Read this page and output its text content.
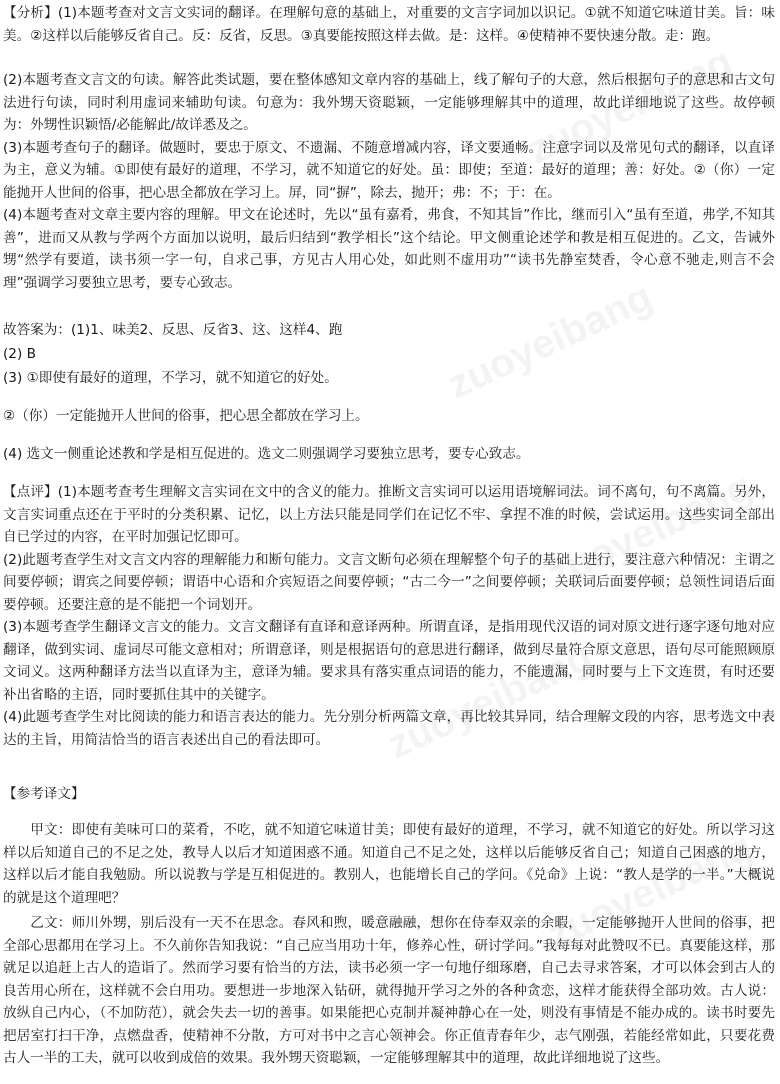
【分析】(1)本题考查对文言文实词的翻译。在理解句意的基础上，对重要的文言字词加以识记。①就不知道它味道甘美。旨：味美。②这样以后能够反省自己。反：反省，反思。③真要能按照这样去做。是：这样。④使精神不要快速分散。走：跑。

(2)本题考查文言文的句读。解答此类试题，要在整体感知文章内容的基础上，线了解句子的大意，然后根据句子的意思和古文句法进行句读，同时利用虚词来辅助句读。句意为：我外甥天资聪颖，一定能够理解其中的道理，故此详细地说了这些。故停顿为：外甥性识颖悟/必能解此/故详悉及之。

(3)本题考查句子的翻译。做题时，要忠于原文、不遗漏、不随意增减内容，译文要通畅。注意字词以及常见句式的翻译，以直译为主，意义为辅。①即使有最好的道理，不学习，就不知道它的好处。虽：即使；至道：最好的道理；善：好处。②（你）一定能抛开人世间的俗事，把心思全都放在学习上。屏，同“摒”，除去，抛开；弗：不；于：在。

(4)本题考查对文章主要内容的理解。甲文在论述时，先以“虽有嘉肴，弗食，不知其旨”作比，继而引入“虽有至道，弗学,不知其善”，进而又从教与学两个方面加以说明，最后归结到“教学相长”这个结论。甲文侧重论述学和教是相互促进的。乙文，告诫外甥“然学有要道，读书须一字一句，自求己事，方见古人用心处，如此则不虚用功”“读书先静室焚香，令心意不驰走,则言不会理”强调学习要独立思考，要专心致志。

故答案为：(1)1、味美2、反思、反省3、这、这样4、跑

(2) B

(3) ①即使有最好的道理，不学习，就不知道它的好处。

②（你）一定能抛开人世间的俗事，把心思全都放在学习上。

(4) 选文一侧重论述教和学是相互促进的。选文二则强调学习要独立思考，要专心致志。

【点评】(1)本题考查考生理解文言实词在文中的含义的能力。推断文言实词可以运用语境解词法。词不离句，句不离篇。另外，文言实词重点还在于平时的分类积累、记忆，以上方法只能是同学们在记忆不牢、拿捏不准的时候，尝试运用。这些实词全部出自已学过的内容，在平时加强记忆即可。

(2)此题考查学生对文言文内容的理解能力和断句能力。文言文断句必须在理解整个句子的基础上进行，要注意六种情况：主谓之间要停顿；谓宾之间要停顿；谓语中心语和介宾短语之间要停顿；“古二今一”之间要停顿；关联词后面要停顿；总领性词语后面要停顿。还要注意的是不能把一个词划开。

(3)本题考查学生翻译文言文的能力。文言文翻译有直译和意译两种。所谓直译，是指用现代汉语的词对原文进行逐字逐句地对应翻译，做到实词、虚词尽可能文意相对；所谓意译，则是根据语句的意思进行翻译，做到尽量符合原文意思，语句尽可能照顾原文词义。这两种翻译方法当以直译为主，意译为辅。要求具有落实重点词语的能力，不能遗漏，同时要与上下文连贯，有时还要补出省略的主语，同时要抓住其中的关键字。

(4)此题考查学生对比阅读的能力和语言表达的能力。先分别分析两篇文章，再比较其异同，结合理解文段的内容，思考选文中表达的主旨，用简洁恰当的语言表述出自己的看法即可。

【参考译文】

甲文：即使有美味可口的菜肴，不吃，就不知道它味道甘美；即使有最好的道理，不学习，就不知道它的好处。所以学习这样以后知道自己的不足之处，教导人以后才知道困惑不通。知道自己不足之处，这样以后能够反省自己；知道自己困惑的地方，这样以后才能自我勉励。所以说教与学是互相促进的。教别人，也能增长自己的学问。《兑命》上说：“教人是学的一半。”大概说的就是这个道理吧？

乙文：师川外甥，别后没有一天不在思念。春风和煦，暖意融融，想你在侍奉双亲的余暇，一定能够抛开人世间的俗事，把全部心思都用在学习上。不久前你告知我说：“自己应当用功十年，修养心性，研讨学问。”我每每对此赞叹不已。真要能这样，那就足以追赶上古人的造诣了。然而学习要有恰当的方法，读书必须一字一句地仔细琢磨，自己去寻求答案，才可以体会到古人的良苦用心所在，这样就不会白用功。要想进一步地深入钻研，就得抛开学习之外的各种贪恋，这样才能获得全部功效。古人说：放纵自己内心，（不加防范），就会失去一切的善事。如果能把心克制并凝神静心在一处，则没有事情是不能办成的。读书时要先把居室打扫干净，点燃盘香，使精神不分散，方可对书中之言心领神会。你正值青春年少，志气刚强，若能经常如此，只要花费古人一半的工夫，就可以收到成倍的效果。我外甥天资聪颖，一定能够理解其中的道理，故此详细地说了这些。
